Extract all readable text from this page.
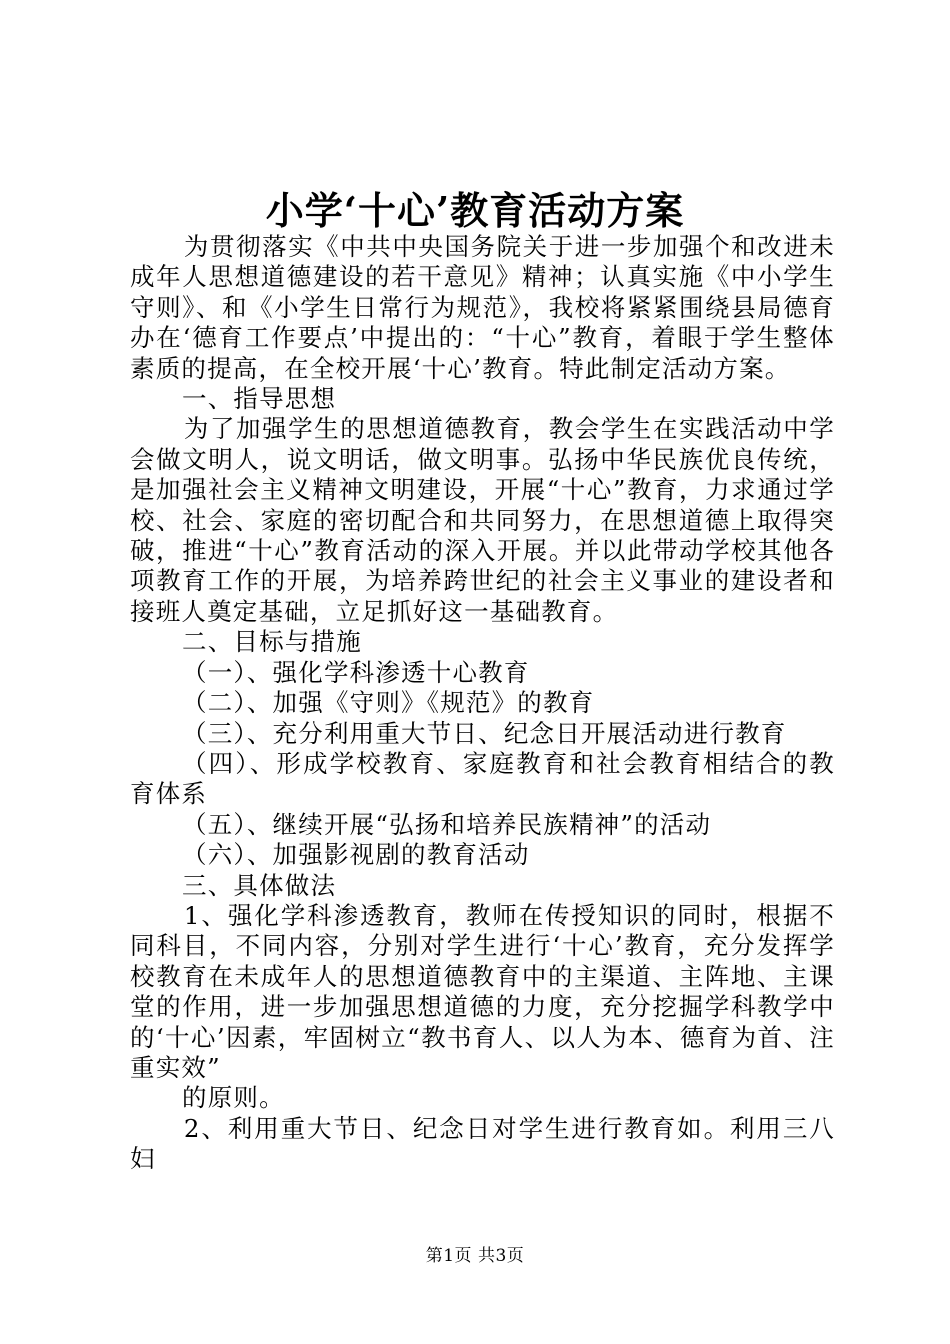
小学‘十心’教育活动方案

为贯彻落实《中共中央国务院关于进一步加强个和改进未成年人思想道德建设的若干意见》精神；认真实施《中小学生守则》、和《小学生日常行为规范》，我校将紧紧围绕县局德育办在‘德育工作要点’中提出的：“十心”教育，着眼于学生整体素质的提高，在全校开展‘十心’教育。特此制定活动方案。

一、指导思想

为了加强学生的思想道德教育，教会学生在实践活动中学会做文明人，说文明话，做文明事。弘扬中华民族优良传统，是加强社会主义精神文明建设，开展“十心”教育，力求通过学校、社会、家庭的密切配合和共同努力，在思想道德上取得突破，推进“十心”教育活动的深入开展。并以此带动学校其他各项教育工作的开展，为培养跨世纪的社会主义事业的建设者和接班人奠定基础，立足抓好这一基础教育。

二、目标与措施

（一）、强化学科渗透十心教育

（二）、加强《守则》《规范》的教育

（三）、充分利用重大节日、纪念日开展活动进行教育

（四）、形成学校教育、家庭教育和社会教育相结合的教育体系

（五）、继续开展“弘扬和培养民族精神”的活动

（六）、加强影视剧的教育活动

三、具体做法

1、强化学科渗透教育，教师在传授知识的同时，根据不同科目，不同内容，分别对学生进行‘十心’教育，充分发挥学校教育在未成年人的思想道德教育中的主渠道、主阵地、主课堂的作用，进一步加强思想道德的力度，充分挖掘学科教学中的‘十心’因素，牢固树立“教书育人、以人为本、德育为首、注重实效”

的原则。

2、利用重大节日、纪念日对学生进行教育如。利用三八妇

第1页 共3页
